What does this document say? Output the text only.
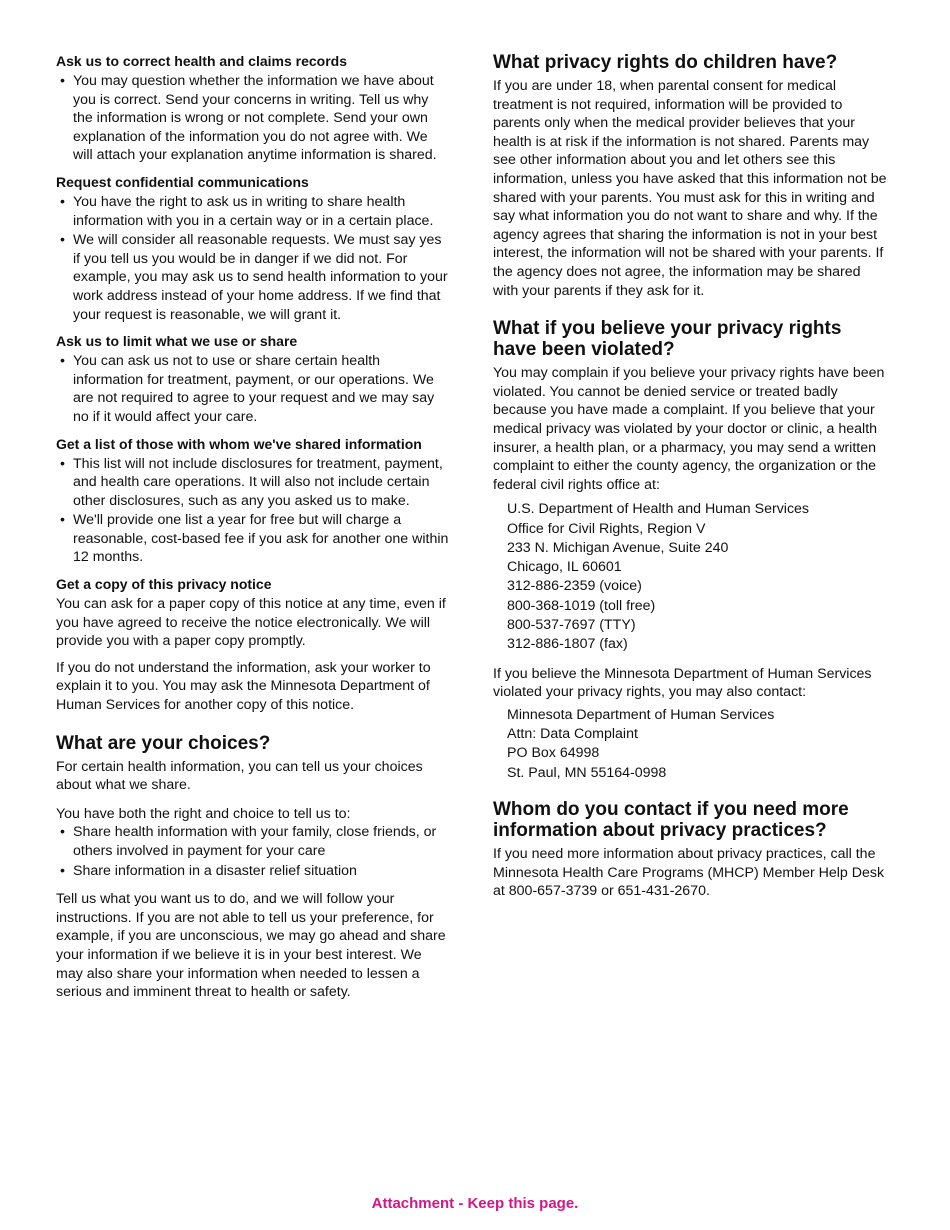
Ask us to correct health and claims records

• You may question whether the information we have about you is correct. Send your concerns in writing. Tell us why the information is wrong or not complete. Send your own explanation of the information you do not agree with. We will attach your explanation anytime information is shared.

Request confidential communications

• You have the right to ask us in writing to share health information with you in a certain way or in a certain place.
• We will consider all reasonable requests. We must say yes if you tell us you would be in danger if we did not. For example, you may ask us to send health information to your work address instead of your home address. If we find that your request is reasonable, we will grant it.

Ask us to limit what we use or share

• You can ask us not to use or share certain health information for treatment, payment, or our operations. We are not required to agree to your request and we may say no if it would affect your care.

Get a list of those with whom we've shared information

• This list will not include disclosures for treatment, payment, and health care operations. It will also not include certain other disclosures, such as any you asked us to make.
• We'll provide one list a year for free but will charge a reasonable, cost-based fee if you ask for another one within 12 months.

Get a copy of this privacy notice

You can ask for a paper copy of this notice at any time, even if you have agreed to receive the notice electronically. We will provide you with a paper copy promptly.

If you do not understand the information, ask your worker to explain it to you. You may ask the Minnesota Department of Human Services for another copy of this notice.

What are your choices?

For certain health information, you can tell us your choices about what we share.

You have both the right and choice to tell us to:

• Share health information with your family, close friends, or others involved in payment for your care
• Share information in a disaster relief situation

Tell us what you want us to do, and we will follow your instructions. If you are not able to tell us your preference, for example, if you are unconscious, we may go ahead and share your information if we believe it is in your best interest. We may also share your information when needed to lessen a serious and imminent threat to health or safety.

What privacy rights do children have?

If you are under 18, when parental consent for medical treatment is not required, information will be provided to parents only when the medical provider believes that your health is at risk if the information is not shared. Parents may see other information about you and let others see this information, unless you have asked that this information not be shared with your parents. You must ask for this in writing and say what information you do not want to share and why. If the agency agrees that sharing the information is not in your best interest, the information will not be shared with your parents. If the agency does not agree, the information may be shared with your parents if they ask for it.

What if you believe your privacy rights have been violated?

You may complain if you believe your privacy rights have been violated. You cannot be denied service or treated badly because you have made a complaint. If you believe that your medical privacy was violated by your doctor or clinic, a health insurer, a health plan, or a pharmacy, you may send a written complaint to either the county agency, the organization or the federal civil rights office at:

U.S. Department of Health and Human Services
Office for Civil Rights, Region V
233 N. Michigan Avenue, Suite 240
Chicago, IL 60601
312-886-2359 (voice)
800-368-1019 (toll free)
800-537-7697 (TTY)
312-886-1807 (fax)

If you believe the Minnesota Department of Human Services violated your privacy rights, you may also contact:

Minnesota Department of Human Services
Attn: Data Complaint
PO Box 64998
St. Paul, MN 55164-0998
Whom do you contact if you need more information about privacy practices?

If you need more information about privacy practices, call the Minnesota Health Care Programs (MHCP) Member Help Desk at 800-657-3739 or 651-431-2670.

Attachment - Keep this page.
